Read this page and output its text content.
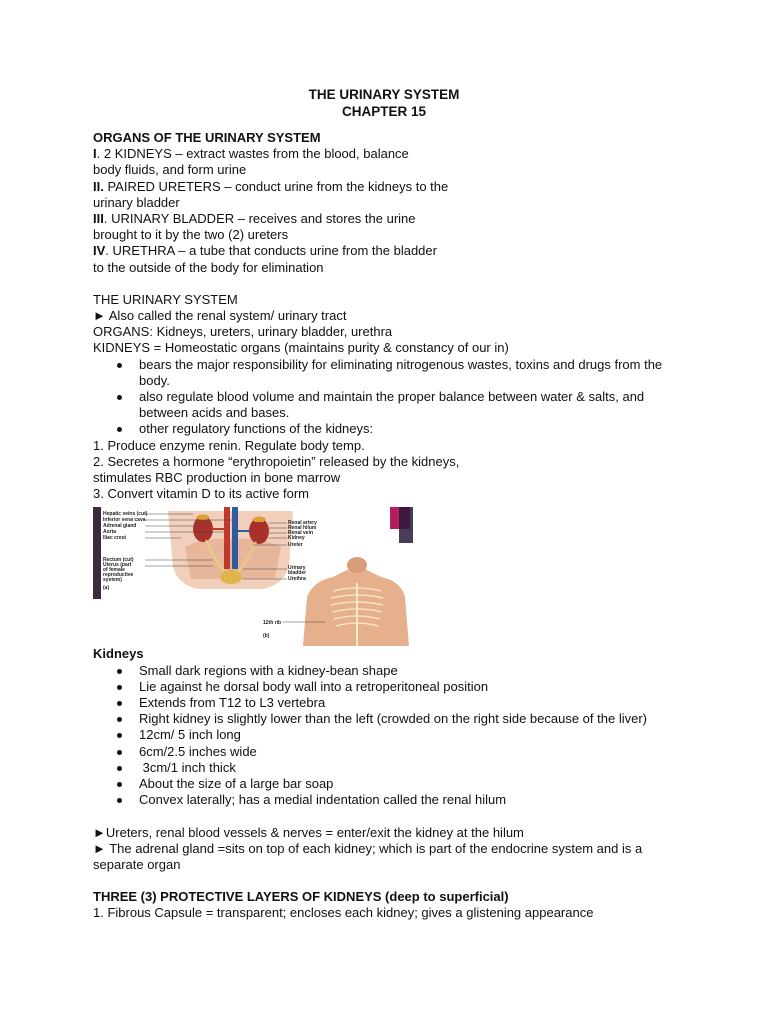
THE URINARY SYSTEM

CHAPTER 15

ORGANS OF THE URINARY SYSTEM

I. 2 KIDNEYS – extract wastes from the blood, balance

body fluids, and form urine

II. PAIRED URETERS – conduct urine from the kidneys to the

urinary bladder

III. URINARY BLADDER – receives and stores the urine

brought to it by the two (2) ureters

IV. URETHRA – a tube that conducts urine from the bladder

to the outside of the body for elimination

THE URINARY SYSTEM

► Also called the renal system/ urinary tract

ORGANS: Kidneys, ureters, urinary bladder, urethra

KIDNEYS = Homeostatic organs (maintains purity & constancy of our in)

bears the major responsibility for eliminating nitrogenous wastes, toxins and drugs from the body.
also regulate blood volume and maintain the proper balance between water & salts, and between acids and bases.
other regulatory functions of the kidneys:

1. Produce enzyme renin. Regulate body temp.

2. Secretes a hormone “erythropoietin” released by the kidneys,

stimulates RBC production in bone marrow

3. Convert vitamin D to its active form

Hepatic veins (cut)
Inferior vena cava
Adrenal gland
Aorta
Iliac crest
Rectum (cut)
Uterus (part
of female
reproductive
system)
(a)
Renal artery
Renal hilum
Renal vein
Kidney
Ureter
Urinary
bladder
Urethra
12th rib
(b)

Kidneys

Small dark regions with a kidney-bean shape
Lie against he dorsal body wall into a retroperitoneal position
Extends from T12 to L3 vertebra
Right kidney is slightly lower than the left (crowded on the right side because of the liver)
12cm/ 5 inch long
6cm/2.5 inches wide
3cm/1 inch thick
About the size of a large bar soap
Convex laterally; has a medial indentation called the renal hilum

►Ureters, renal blood vessels & nerves = enter/exit the kidney at the hilum

► The adrenal gland =sits on top of each kidney; which is part of the endocrine system and is a separate organ

THREE (3) PROTECTIVE LAYERS OF KIDNEYS (deep to superficial)

1. Fibrous Capsule = transparent; encloses each kidney; gives a glistening appearance
